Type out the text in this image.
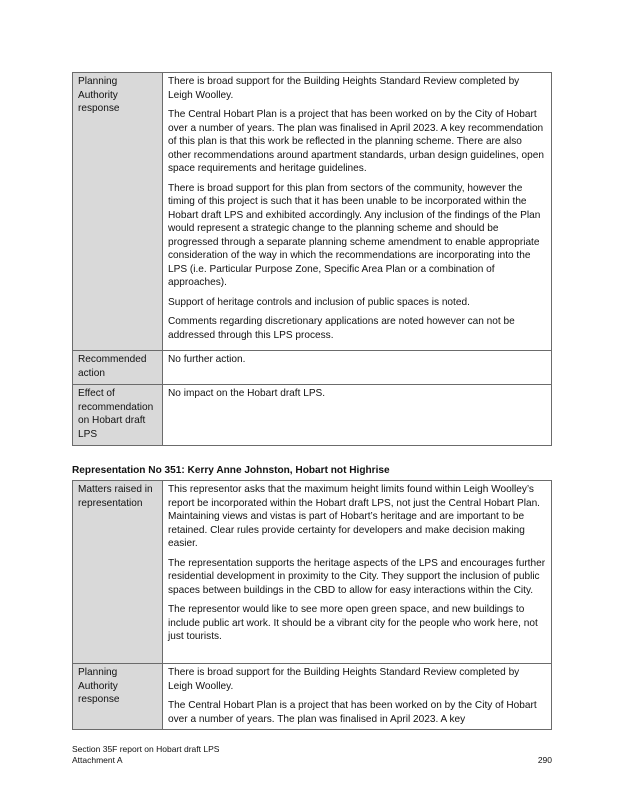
Planning Authority response	There is broad support for the Building Heights Standard Review completed by Leigh Woolley.

The Central Hobart Plan is a project that has been worked on by the City of Hobart over a number of years. The plan was finalised in April 2023. A key recommendation of this plan is that this work be reflected in the planning scheme. There are also other recommendations around apartment standards, urban design guidelines, open space requirements and heritage guidelines.

There is broad support for this plan from sectors of the community, however the timing of this project is such that it has been unable to be incorporated within the Hobart draft LPS and exhibited accordingly. Any inclusion of the findings of the Plan would represent a strategic change to the planning scheme and should be progressed through a separate planning scheme amendment to enable appropriate consideration of the way in which the recommendations are incorporating into the LPS (i.e. Particular Purpose Zone, Specific Area Plan or a combination of approaches).

Support of heritage controls and inclusion of public spaces is noted.

Comments regarding discretionary applications are noted however can not be addressed through this LPS process.

Recommended action	No further action.

Effect of recommendation on Hobart draft LPS	No impact on the Hobart draft LPS.

Representation No 351: Kerry Anne Johnston, Hobart not Highrise
Matters raised in representation	This representor asks that the maximum height limits found within Leigh Woolley’s report be incorporated within the Hobart draft LPS, not just the Central Hobart Plan. Maintaining views and vistas is part of Hobart’s heritage and are important to be retained. Clear rules provide certainty for developers and make decision making easier.

The representation supports the heritage aspects of the LPS and encourages further residential development in proximity to the City. They support the inclusion of public spaces between buildings in the CBD to allow for easy interactions within the City.

The representor would like to see more open green space, and new buildings to include public art work. It should be a vibrant city for the people who work here, not just tourists.

Planning Authority response	There is broad support for the Building Heights Standard Review completed by Leigh Woolley.

The Central Hobart Plan is a project that has been worked on by the City of Hobart over a number of years. The plan was finalised in April 2023. A key

Section 35F report on Hobart draft LPS
Attachment A	290
